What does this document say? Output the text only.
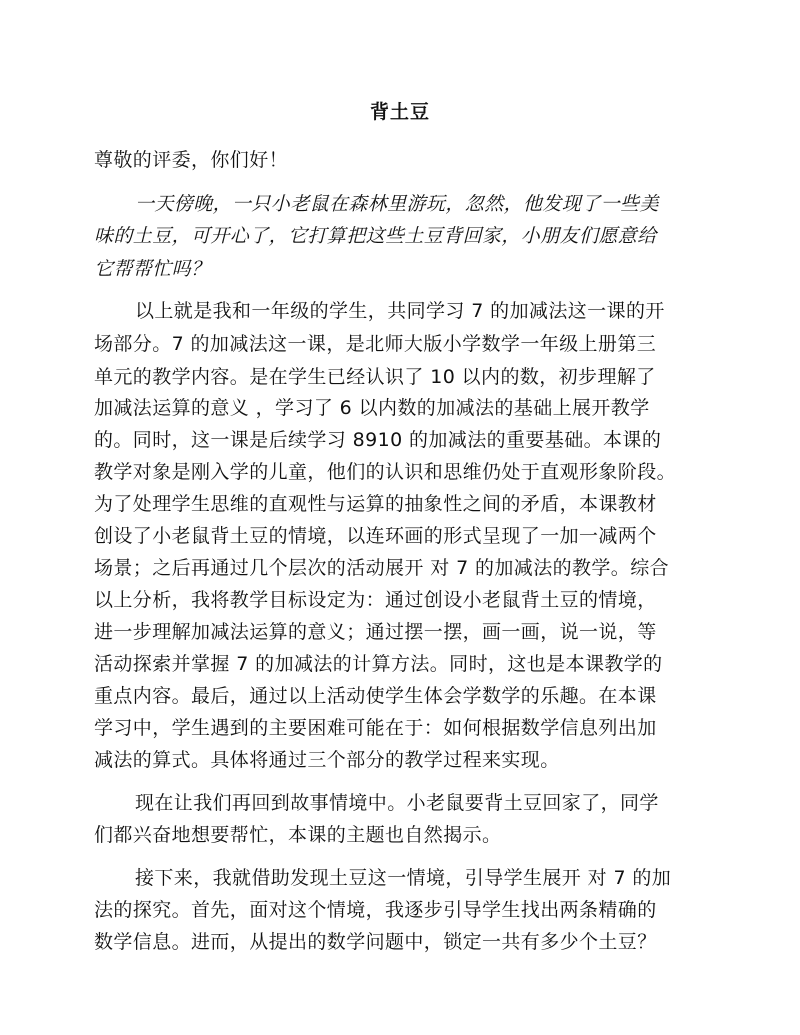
背土豆
尊敬的评委，你们好！
一天傍晚，一只小老鼠在森林里游玩，忽然，他发现了一些美
味的土豆，可开心了，它打算把这些土豆背回家，小朋友们愿意给
它帮帮忙吗？
以上就是我和一年级的学生，共同学习 7 的加减法这一课的开
场部分。7 的加减法这一课，是北师大版小学数学一年级上册第三
单元的教学内容。是在学生已经认识了 10 以内的数，初步理解了
加减法运算的意义 ，学习了 6 以内数的加减法的基础上展开教学
的。同时，这一课是后续学习 8910 的加减法的重要基础。本课的
教学对象是刚入学的儿童，他们的认识和思维仍处于直观形象阶段。
为了处理学生思维的直观性与运算的抽象性之间的矛盾，本课教材
创设了小老鼠背土豆的情境，以连环画的形式呈现了一加一减两个
场景；之后再通过几个层次的活动展开 对 7 的加减法的教学。综合
以上分析，我将教学目标设定为：通过创设小老鼠背土豆的情境，
进一步理解加减法运算的意义；通过摆一摆，画一画，说一说，等
活动探索并掌握 7 的加减法的计算方法。同时，这也是本课教学的
重点内容。最后，通过以上活动使学生体会学数学的乐趣。在本课
学习中，学生遇到的主要困难可能在于：如何根据数学信息列出加
减法的算式。具体将通过三个部分的教学过程来实现。
现在让我们再回到故事情境中。小老鼠要背土豆回家了，同学
们都兴奋地想要帮忙，本课的主题也自然揭示。
接下来，我就借助发现土豆这一情境，引导学生展开 对 7 的加
法的探究。首先，面对这个情境，我逐步引导学生找出两条精确的
数学信息。进而，从提出的数学问题中，锁定一共有多少个土豆？
